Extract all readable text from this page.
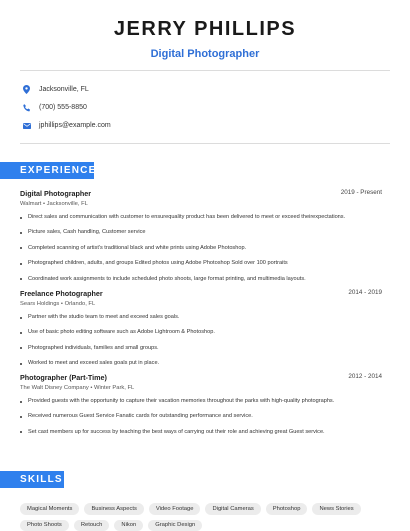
JERRY PHILLIPS
Digital Photographer
Jacksonville, FL
(700) 555-8850
jphillips@example.com
EXPERIENCE
Digital Photographer	2019 - Present
Walmart • Jacksonville, FL
Direct sales and communication with customer to ensurequality product has been delivered to meet or exceed theirexpectations.
Picture sales, Cash handling, Customer service
Completed scanning of artist's traditional black and white prints using Adobe Photoshop.
Photographed children, adults, and groups Edited photos using Adobe Photoshop Sold over 100 portraits
Coordinated work assignments to include scheduled photo shoots, large format printing, and multimedia layouts.
Freelance Photographer	2014 - 2019
Sears Holdings • Orlando, FL
Partner with the studio team to meet and exceed sales goals.
Use of basic photo editing software such as Adobe Lightroom & Photoshop.
Photographed individuals, families and small groups.
Worked to meet and exceed sales goals put in place.
Photographer (Part-Time)	2012 - 2014
The Walt Disney Company • Winter Park, FL
Provided guests with the opportunity to capture their vacation memories throughout the parks with high-quality photographs.
Received numerous Guest Service Fanatic cards for outstanding performance and service.
Set cast members up for success by teaching the best ways of carrying out their role and achieving great Guest service.
SKILLS
Magical Moments	Business Aspects	Video Footage	Digital Cameras	Photoshop	News Stories
Photo Shoots	Retouch	Nikon	Graphic Design
